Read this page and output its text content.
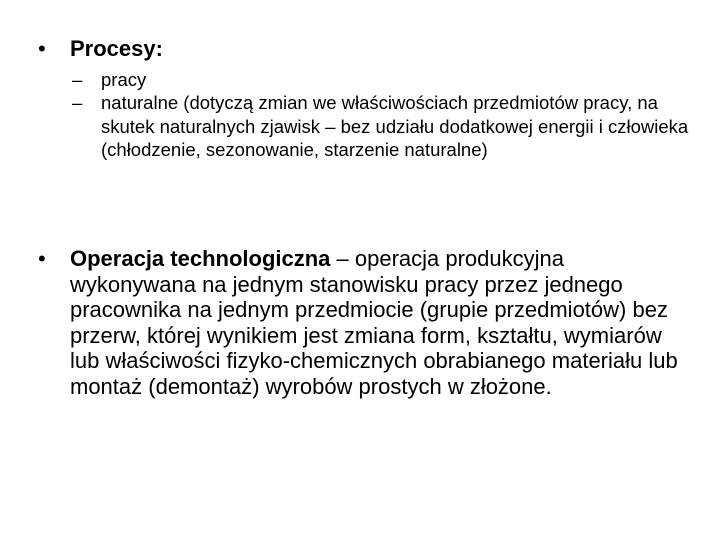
•	Procesy:
–	pracy
–	naturalne (dotyczą zmian we właściwościach przedmiotów pracy, na skutek naturalnych zjawisk – bez udziału dodatkowej energii i człowieka (chłodzenie, sezonowanie, starzenie naturalne)
•	Operacja technologiczna – operacja produkcyjna wykonywana na jednym stanowisku pracy przez jednego pracownika na jednym przedmiocie (grupie przedmiotów) bez przerw, której wynikiem jest zmiana form, kształtu, wymiarów lub właściwości fizyko-chemicznych obrabianego materiału lub montaż (demontaż) wyrobów prostych w złożone.
